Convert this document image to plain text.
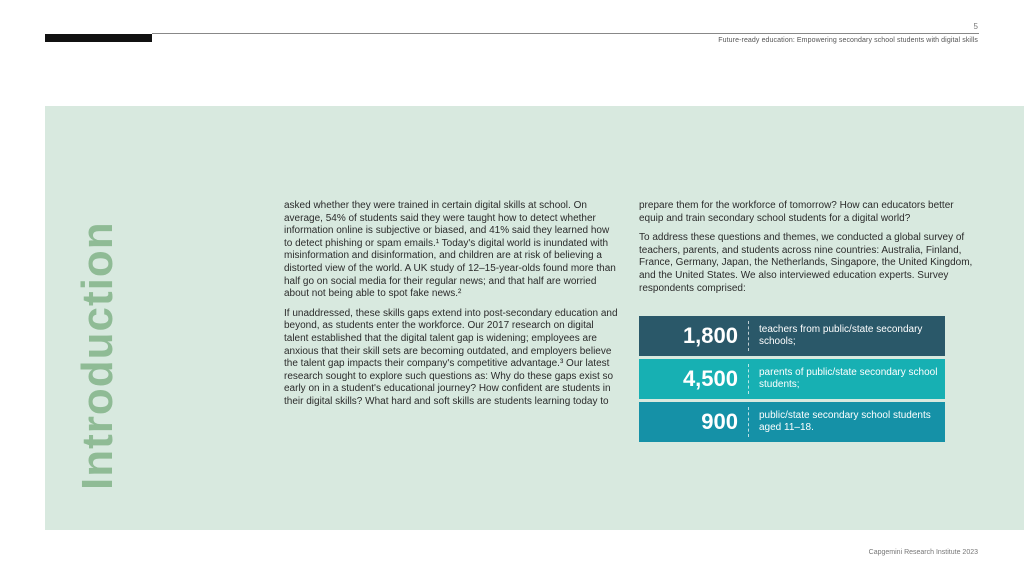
5
Future-ready education: Empowering secondary school students with digital skills
Introduction

asked whether they were trained in certain digital skills at school. On average, 54% of students said they were taught how to detect whether information online is subjective or biased, and 41% said they learned how to detect phishing or spam emails.¹ Today's digital world is inundated with misinformation and disinformation, and children are at risk of believing a distorted view of the world. A UK study of 12–15-year-olds found more than half go on social media for their regular news; and that half are worried about not being able to spot fake news.²

If unaddressed, these skills gaps extend into post-secondary education and beyond, as students enter the workforce. Our 2017 research on digital talent established that the digital talent gap is widening; employees are anxious that their skill sets are becoming outdated, and employers believe the talent gap impacts their company's competitive advantage.³ Our latest research sought to explore such questions as: Why do these gaps exist so early on in a student's educational journey? How confident are students in their digital skills? What hard and soft skills are students learning today to

prepare them for the workforce of tomorrow? How can educators better equip and train secondary school students for a digital world?

To address these questions and themes, we conducted a global survey of teachers, parents, and students across nine countries: Australia, Finland, France, Germany, Japan, the Netherlands, Singapore, the United Kingdom, and the United States. We also interviewed education experts. Survey respondents comprised:

1,800	teachers from public/state secondary schools;
4,500	parents of public/state secondary school students;
900	public/state secondary school students aged 11–18.
Capgemini Research Institute 2023
